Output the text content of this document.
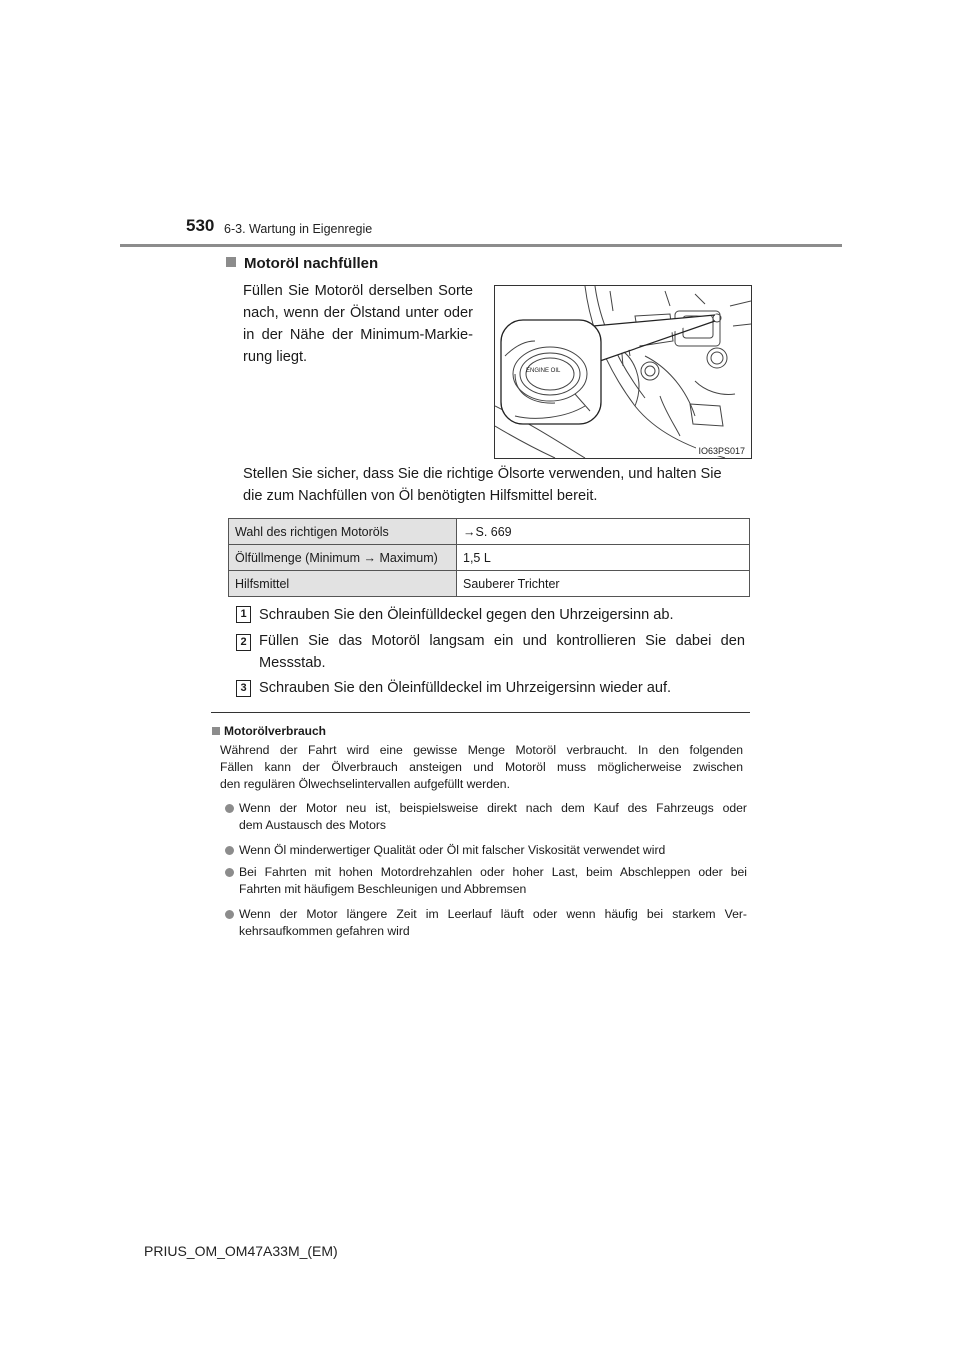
530 6-3. Wartung in Eigenregie
Motoröl nachfüllen
Füllen Sie Motoröl derselben Sorte
nach, wenn der Ölstand unter oder
in der Nähe der Minimum-Markie-
rung liegt.
ENGINE OIL
IO63PS017
Stellen Sie sicher, dass Sie die richtige Ölsorte verwenden, und halten Sie
die zum Nachfüllen von Öl benötigten Hilfsmittel bereit.
Wahl des richtigen Motoröls	→S. 669
Ölfüllmenge (Minimum → Maximum)	1,5 L
Hilfsmittel	Sauberer Trichter
1 Schrauben Sie den Öleinfülldeckel gegen den Uhrzeigersinn ab.
2 Füllen Sie das Motoröl langsam ein und kontrollieren Sie dabei den
Messstab.
3 Schrauben Sie den Öleinfülldeckel im Uhrzeigersinn wieder auf.
Motorölverbrauch
Während der Fahrt wird eine gewisse Menge Motoröl verbraucht. In den folgenden
Fällen kann der Ölverbrauch ansteigen und Motoröl muss möglicherweise zwischen
den regulären Ölwechselintervallen aufgefüllt werden.
Wenn der Motor neu ist, beispielsweise direkt nach dem Kauf des Fahrzeugs oder
dem Austausch des Motors
Wenn Öl minderwertiger Qualität oder Öl mit falscher Viskosität verwendet wird
Bei Fahrten mit hohen Motordrehzahlen oder hoher Last, beim Abschleppen oder bei
Fahrten mit häufigem Beschleunigen und Abbremsen
Wenn der Motor längere Zeit im Leerlauf läuft oder wenn häufig bei starkem Ver-
kehrsaufkommen gefahren wird
PRIUS_OM_OM47A33M_(EM)
